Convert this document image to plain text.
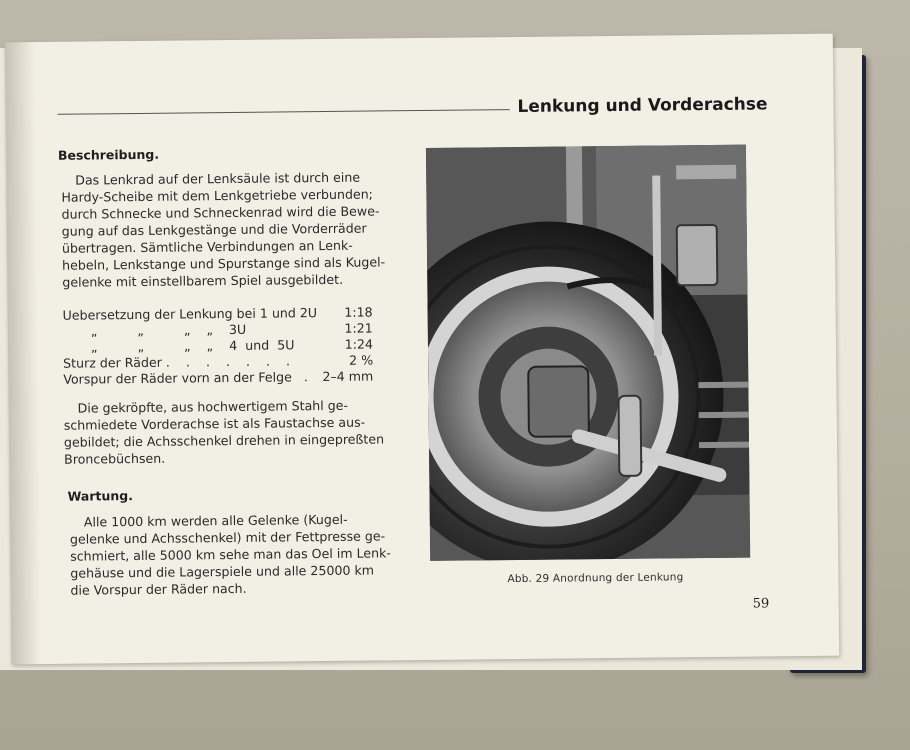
Lenkung und Vorderachse
Beschreibung.

Das Lenkrad auf der Lenksäule ist durch eine
Hardy-Scheibe mit dem Lenkgetriebe verbunden;
durch Schnecke und Schneckenrad wird die Bewe-
gung auf das Lenkgestänge und die Vorderräder
übertragen. Sämtliche Verbindungen an Lenk-
hebeln, Lenkstange und Spurstange sind als Kugel-
gelenke mit einstellbarem Spiel ausgebildet.

Uebersetzung der Lenkung bei 1 und 2U 1:18
„          „          „    „    3U	1:21
„          „          „    „    4  und  5U	1:24
Sturz der Räder .    .    .    .    .    .    .	2 %
Vorspur der Räder vorn an der Felge   . 2–4 mm

Die gekröpfte, aus hochwertigem Stahl ge-
schmiedete Vorderachse ist als Faustachse aus-
gebildet; die Achsschenkel drehen in eingepreßten
Broncebüchsen.

Wartung.

Alle 1000 km werden alle Gelenke (Kugel-
gelenke und Achsschenkel) mit der Fettpresse ge-
schmiert, alle 5000 km sehe man das Oel im Lenk-
gehäuse und die Lagerspiele und alle 25000 km
die Vorspur der Räder nach.

Abb. 29 Anordnung der Lenkung
59
